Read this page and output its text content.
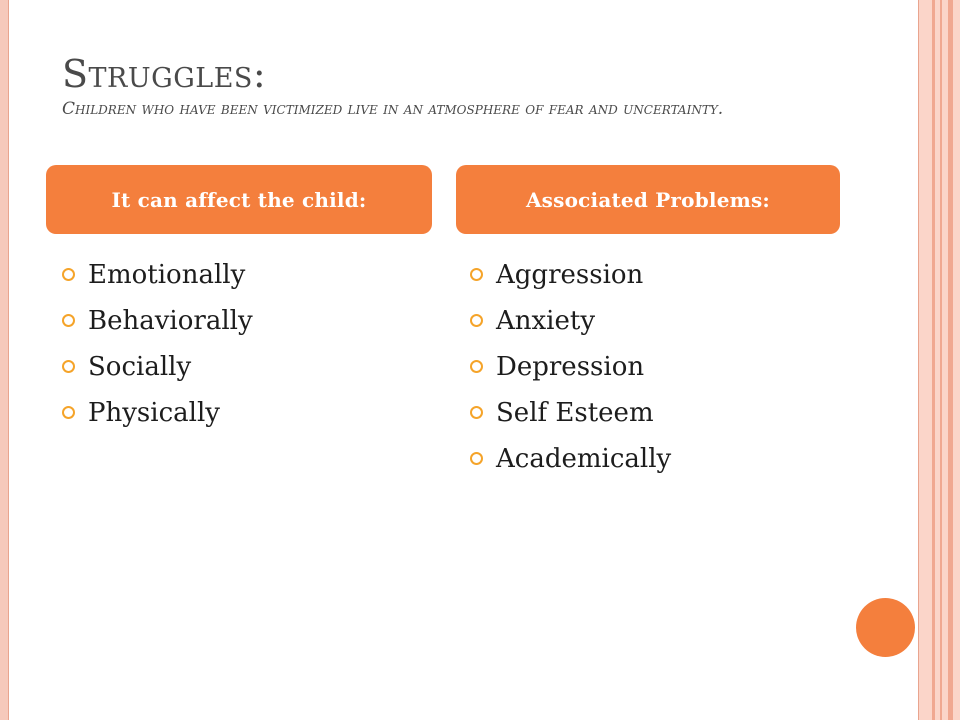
Struggles:
Children who have been victimized live in an atmosphere of fear and uncertainty.
It can affect the child:	Associated Problems:
Emotionally
Behaviorally
Socially
Physically
Aggression
Anxiety
Depression
Self Esteem
Academically
